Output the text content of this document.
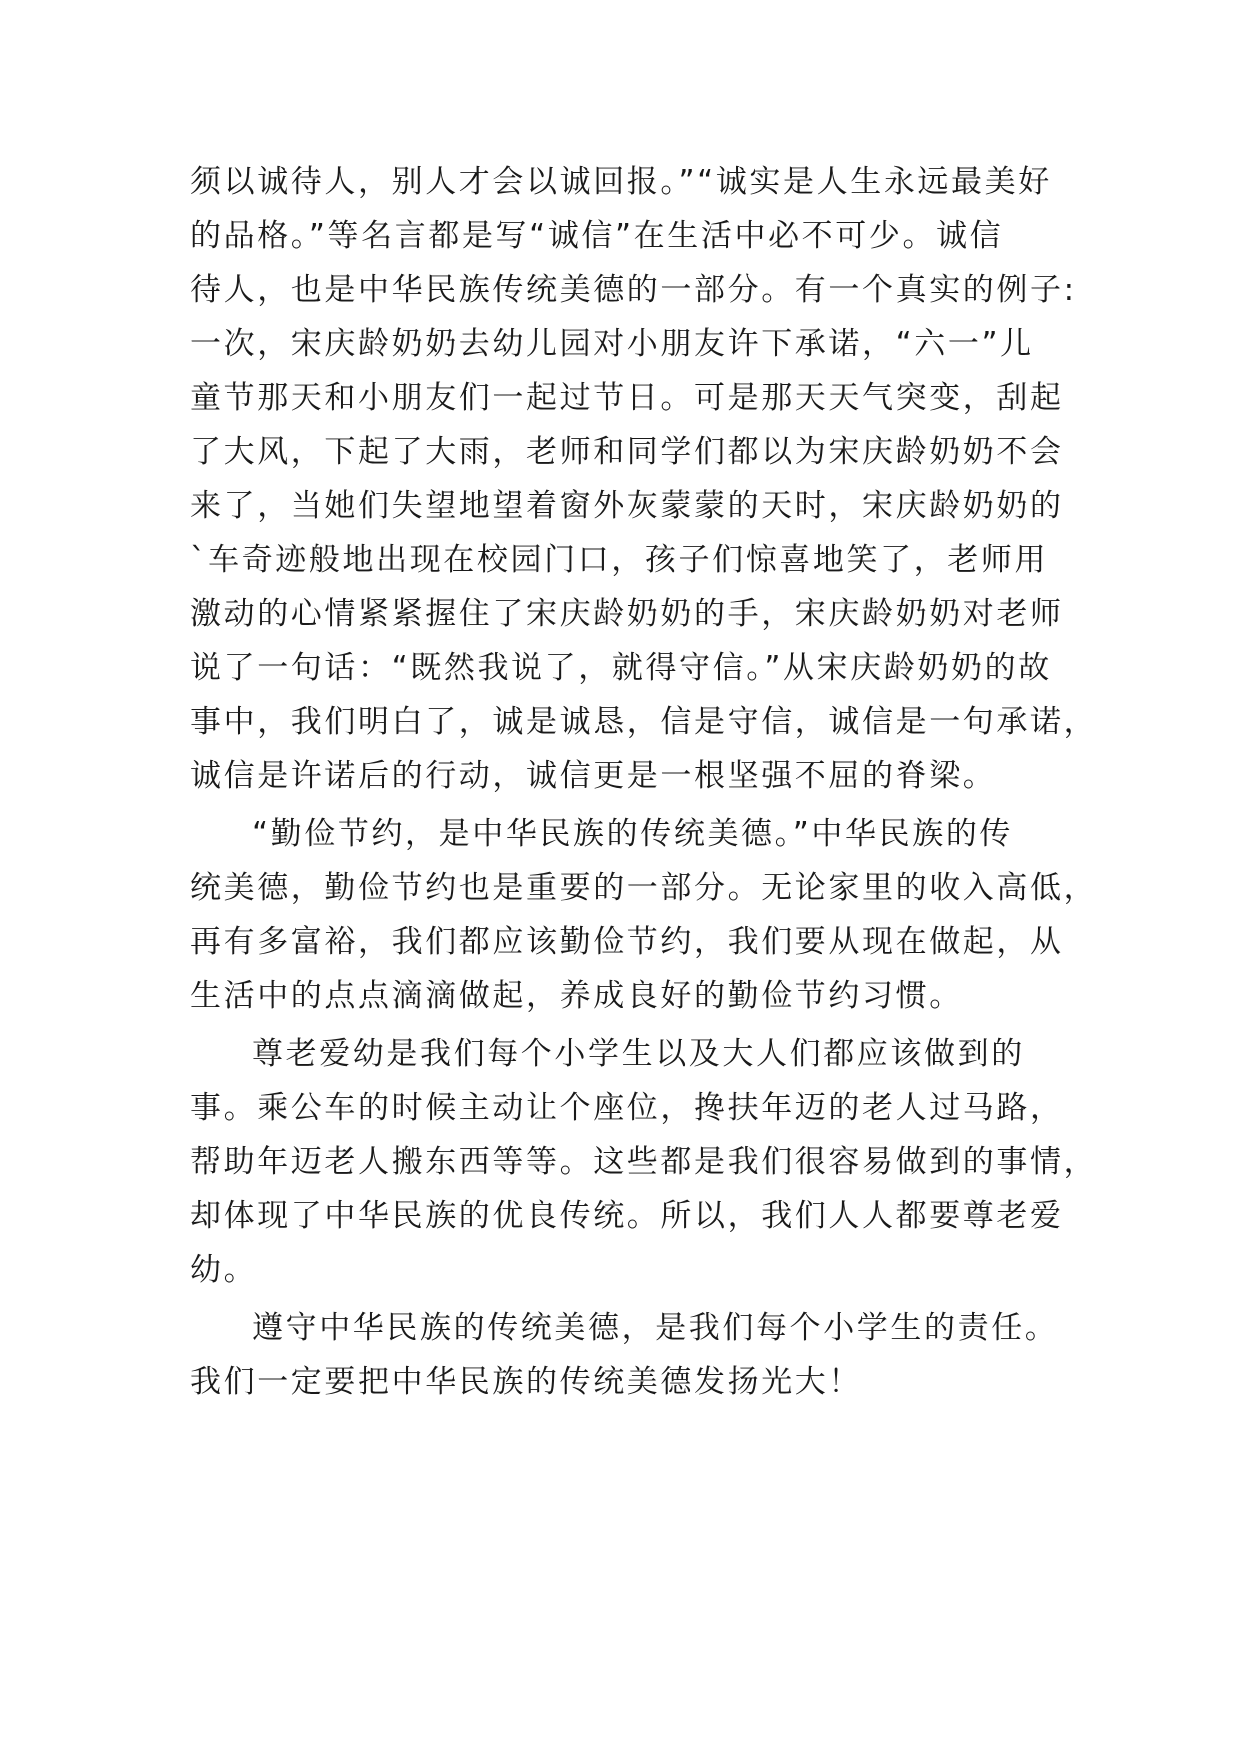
须以诚待人，别人才会以诚回报。”“诚实是人生永远最美好
的品格。”等名言都是写“诚信”在生活中必不可少。诚信
待人，也是中华民族传统美德的一部分。有一个真实的例子:
一次，宋庆龄奶奶去幼儿园对小朋友许下承诺，“六一”儿
童节那天和小朋友们一起过节日。可是那天天气突变，刮起
了大风，下起了大雨，老师和同学们都以为宋庆龄奶奶不会
来了，当她们失望地望着窗外灰蒙蒙的天时，宋庆龄奶奶的
`车奇迹般地出现在校园门口，孩子们惊喜地笑了，老师用
激动的心情紧紧握住了宋庆龄奶奶的手，宋庆龄奶奶对老师
说了一句话：“既然我说了，就得守信。”从宋庆龄奶奶的故
事中，我们明白了，诚是诚恳，信是守信，诚信是一句承诺，
诚信是许诺后的行动，诚信更是一根坚强不屈的脊梁。
“勤俭节约，是中华民族的传统美德。”中华民族的传
统美德，勤俭节约也是重要的一部分。无论家里的收入高低，
再有多富裕，我们都应该勤俭节约，我们要从现在做起，从
生活中的点点滴滴做起，养成良好的勤俭节约习惯。
尊老爱幼是我们每个小学生以及大人们都应该做到的
事。乘公车的时候主动让个座位，搀扶年迈的老人过马路，
帮助年迈老人搬东西等等。这些都是我们很容易做到的事情，
却体现了中华民族的优良传统。所以，我们人人都要尊老爱
幼。
遵守中华民族的传统美德，是我们每个小学生的责任。
我们一定要把中华民族的传统美德发扬光大！
